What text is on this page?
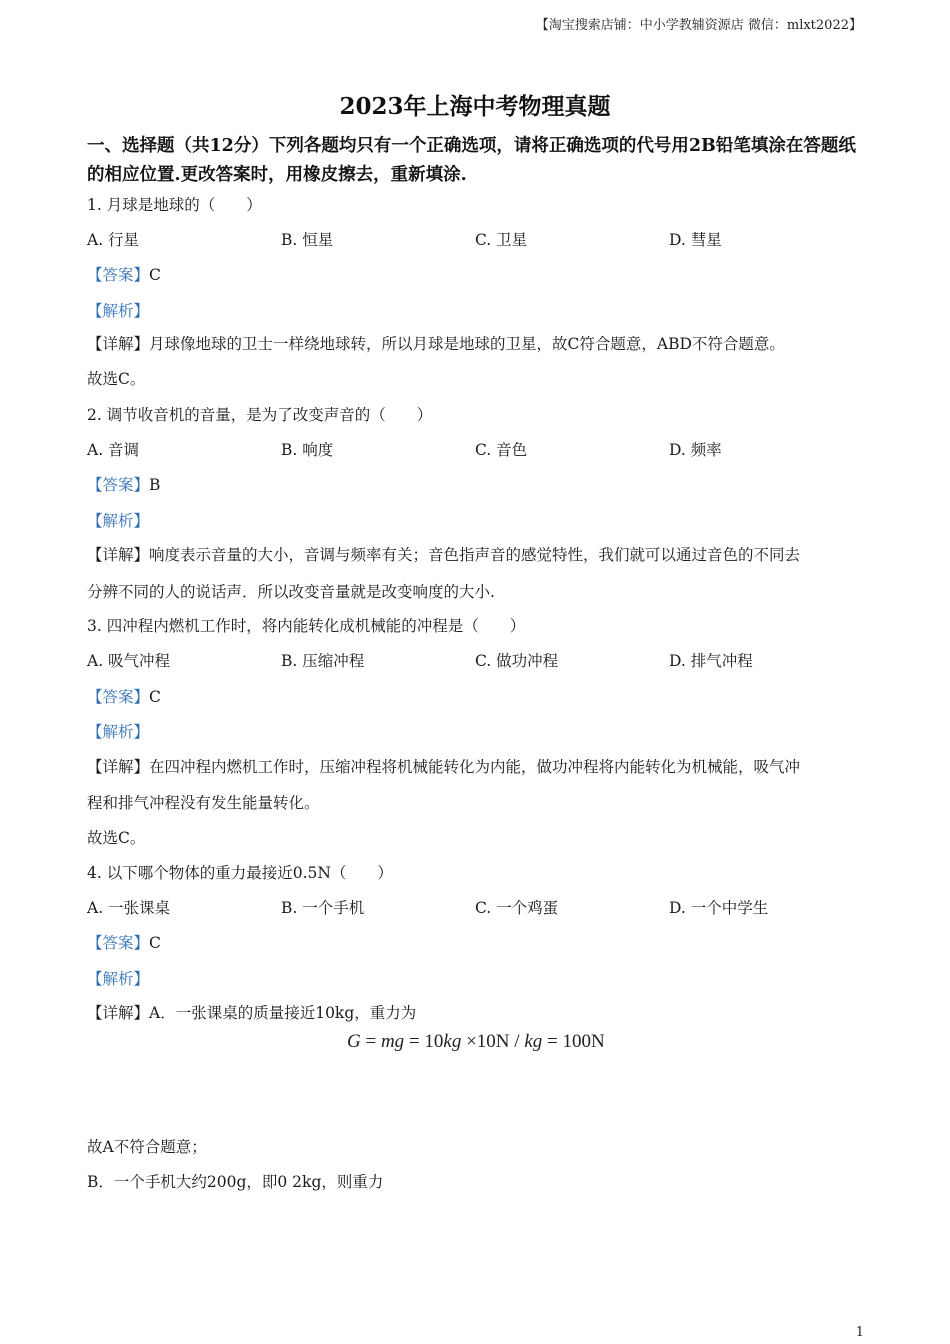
【淘宝搜索店铺：中小学教辅资源店 微信：mlxt2022】
2023年上海中考物理真题
一、选择题（共12分）下列各题均只有一个正确选项，请将正确选项的代号用2B铅笔填涂在答题纸的相应位置.更改答案时，用橡皮擦去，重新填涂.
1. 月球是地球的（　　）
A. 行星	B. 恒星	C. 卫星	D. 彗星
【答案】C
【解析】
【详解】月球像地球的卫士一样绕地球转，所以月球是地球的卫星，故C符合题意，ABD不符合题意。
故选C。
2. 调节收音机的音量，是为了改变声音的（　　）
A. 音调	B. 响度	C. 音色	D. 频率
【答案】B
【解析】
【详解】响度表示音量的大小，音调与频率有关；音色指声音的感觉特性，我们就可以通过音色的不同去
分辨不同的人的说话声．所以改变音量就是改变响度的大小.
3. 四冲程内燃机工作时，将内能转化成机械能的冲程是（　　）
A. 吸气冲程	B. 压缩冲程	C. 做功冲程	D. 排气冲程
【答案】C
【解析】
【详解】在四冲程内燃机工作时，压缩冲程将机械能转化为内能，做功冲程将内能转化为机械能，吸气冲
程和排气冲程没有发生能量转化。
故选C。
4. 以下哪个物体的重力最接近0.5N（　　）
A. 一张课桌	B. 一个手机	C. 一个鸡蛋	D. 一个中学生
【答案】C
【解析】
【详解】A．一张课桌的质量接近10kg，重力为
G = mg = 10kg ×10N / kg = 100N
故A不符合题意；
B．一个手机大约200g，即0 2kg，则重力
1
